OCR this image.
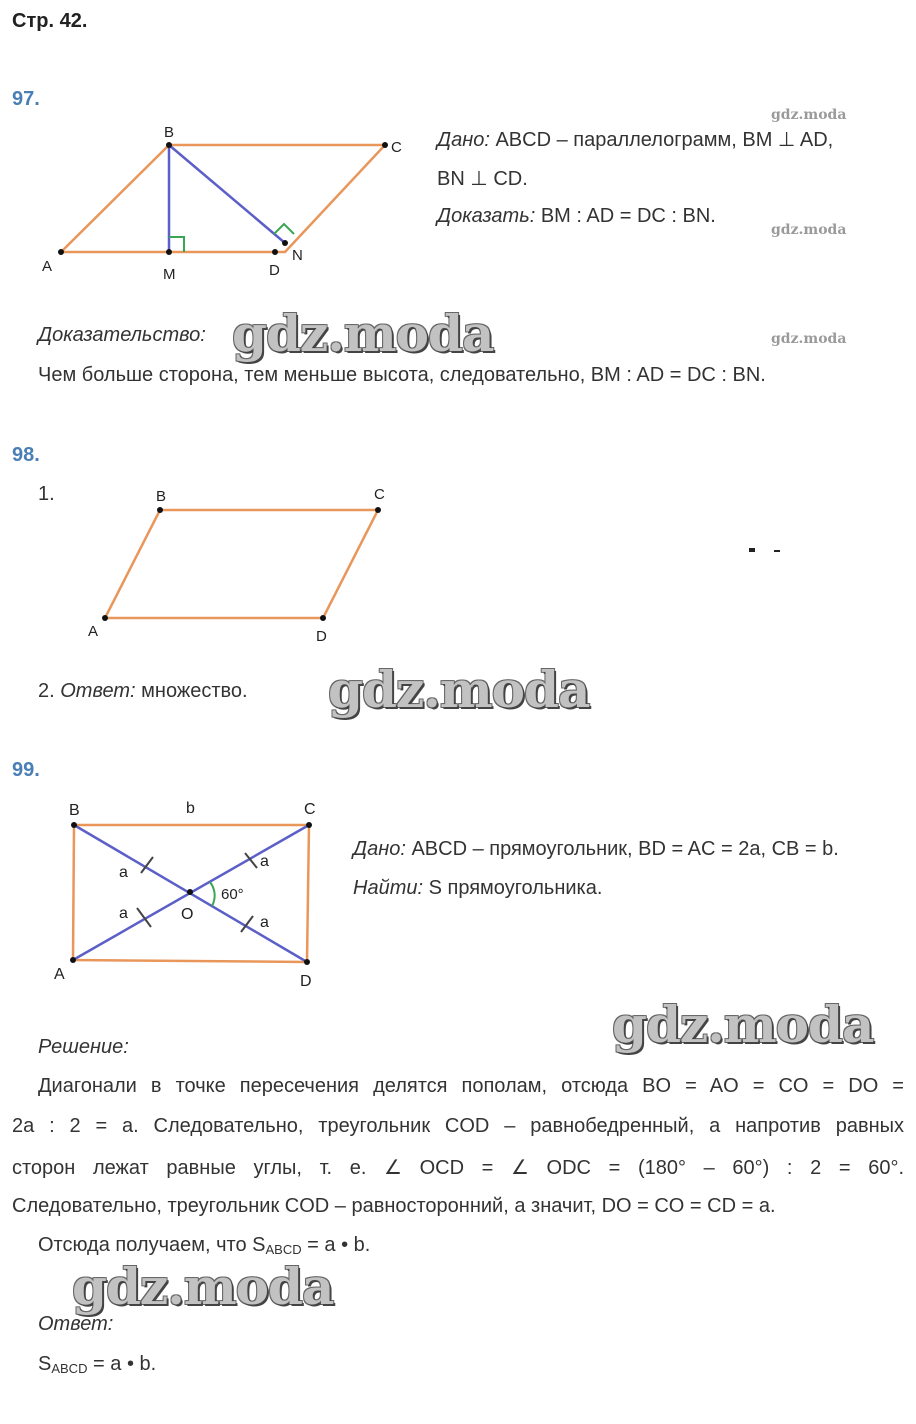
Стр. 42.
97.
A
B
C
D
M
N
gdz.moda
Дано: ABCD – параллелограмм, BM ⊥ AD,
BN ⊥ CD.
Доказать: BM : AD = DC : BN.
gdz.moda
Доказательство: gdz.moda	gdz.moda
Чем больше сторона, тем меньше высота, следовательно, BM : AD = DC : BN.
98.
1.
A
B	C
D
2. Ответ: множество. gdz.moda
99.
B	C
A	D
O
b
a
a
a
a
60°
Дано: ABCD – прямоугольник, BD = AC = 2a, CB = b.
Найти: S прямоугольника.
gdz.moda
Решение:
Диагонали в точке пересечения делятся пополам, отсюда BO = AO = CO = DO =
2a : 2 = a. Следовательно, треугольник COD – равнобедренный, а напротив равных
сторон лежат равные углы, т. е. ∠ OCD = ∠ ODC = (180° – 60°) : 2 = 60°.
Следовательно, треугольник COD – равносторонний, а значит, DO = CO = CD = a.
Отсюда получаем, что $S_{ABCD} = a$ • b.
gdz.moda
Ответ:
$S_{ABCD} = a$ • b.
